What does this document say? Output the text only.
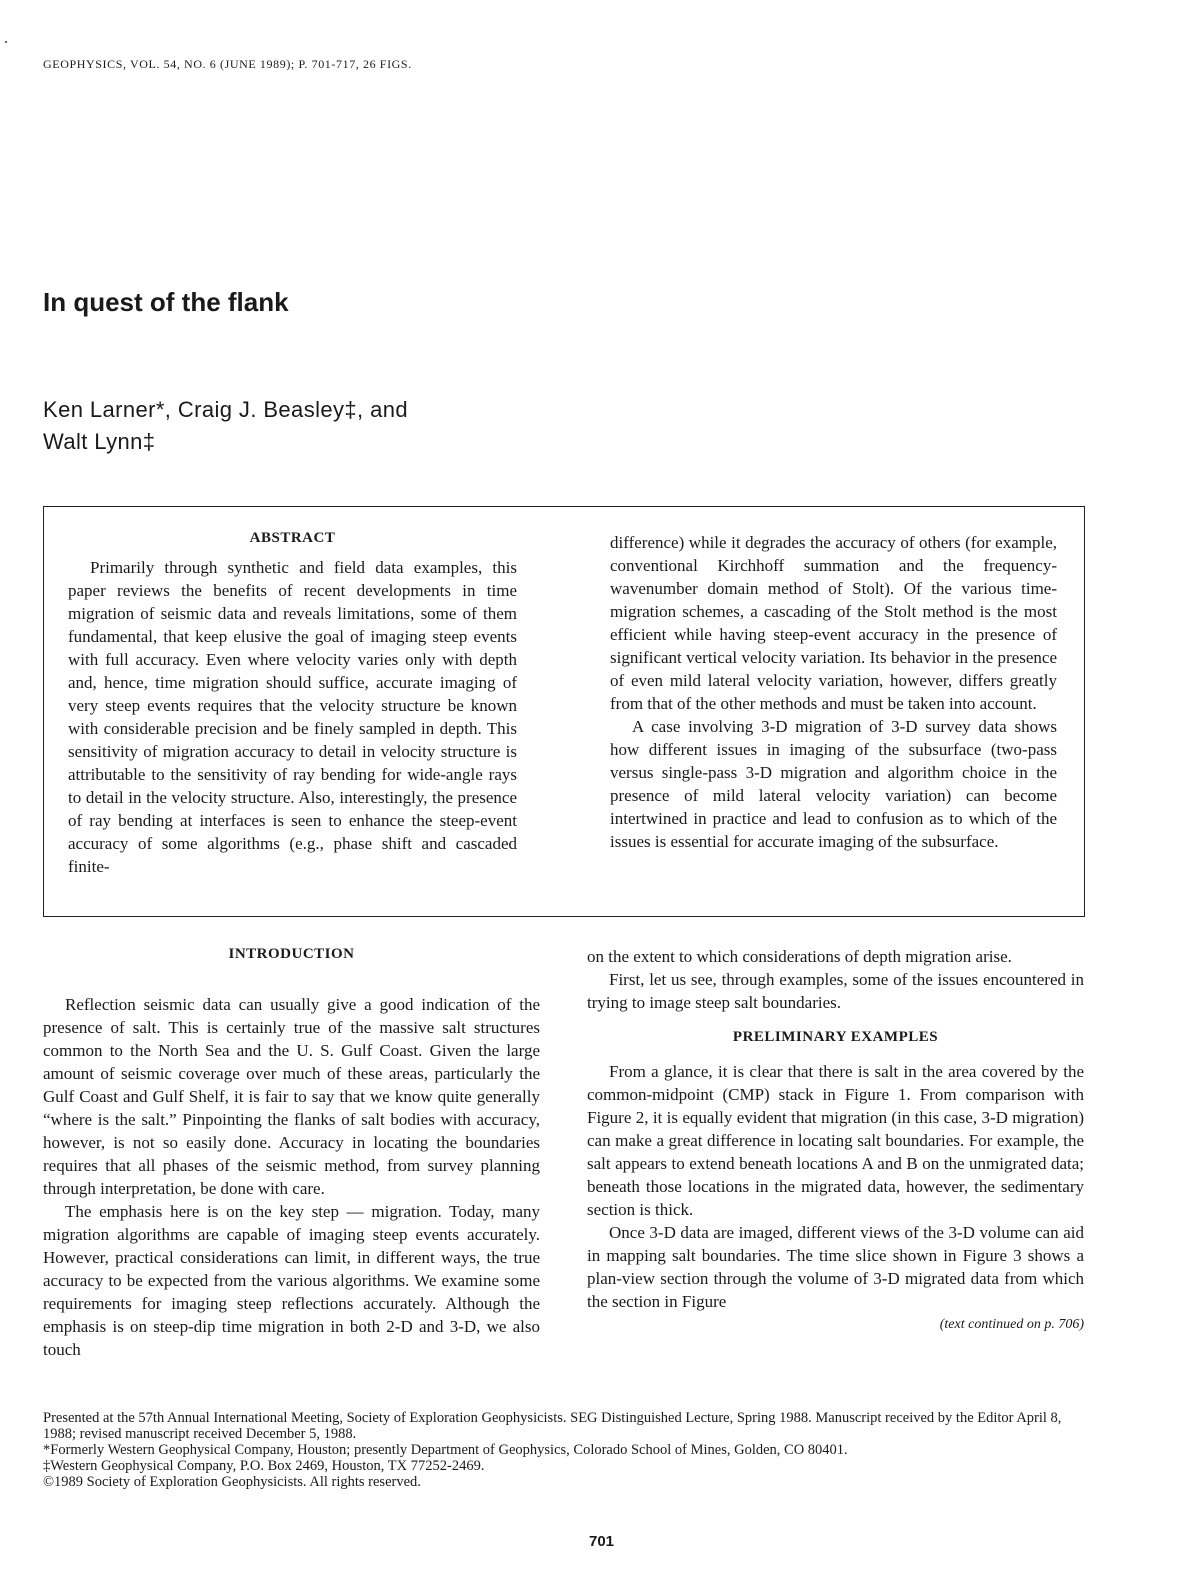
GEOPHYSICS, VOL. 54, NO. 6 (JUNE 1989); P. 701-717, 26 FIGS.
In quest of the flank
Ken Larner*, Craig J. Beasley‡, and
Walt Lynn‡
ABSTRACT

Primarily through synthetic and field data examples, this paper reviews the benefits of recent developments in time migration of seismic data and reveals limitations, some of them fundamental, that keep elusive the goal of imaging steep events with full accuracy. Even where velocity varies only with depth and, hence, time migration should suffice, accurate imaging of very steep events requires that the velocity structure be known with considerable precision and be finely sampled in depth. This sensitivity of migration accuracy to detail in velocity structure is attributable to the sensitivity of ray bending for wide-angle rays to detail in the velocity structure. Also, interestingly, the presence of ray bending at interfaces is seen to enhance the steep-event accuracy of some algorithms (e.g., phase shift and cascaded finite-

difference) while it degrades the accuracy of others (for example, conventional Kirchhoff summation and the frequency-wavenumber domain method of Stolt). Of the various time-migration schemes, a cascading of the Stolt method is the most efficient while having steep-event accuracy in the presence of significant vertical velocity variation. Its behavior in the presence of even mild lateral velocity variation, however, differs greatly from that of the other methods and must be taken into account.

A case involving 3-D migration of 3-D survey data shows how different issues in imaging of the subsurface (two-pass versus single-pass 3-D migration and algorithm choice in the presence of mild lateral velocity variation) can become intertwined in practice and lead to confusion as to which of the issues is essential for accurate imaging of the subsurface.

INTRODUCTION

Reflection seismic data can usually give a good indication of the presence of salt. This is certainly true of the massive salt structures common to the North Sea and the U. S. Gulf Coast. Given the large amount of seismic coverage over much of these areas, particularly the Gulf Coast and Gulf Shelf, it is fair to say that we know quite generally “where is the salt.” Pinpointing the flanks of salt bodies with accuracy, however, is not so easily done. Accuracy in locating the boundaries requires that all phases of the seismic method, from survey planning through interpretation, be done with care.

The emphasis here is on the key step — migration. Today, many migration algorithms are capable of imaging steep events accurately. However, practical considerations can limit, in different ways, the true accuracy to be expected from the various algorithms. We examine some requirements for imaging steep reflections accurately. Although the emphasis is on steep-dip time migration in both 2-D and 3-D, we also touch

on the extent to which considerations of depth migration arise.

First, let us see, through examples, some of the issues encountered in trying to image steep salt boundaries.

PRELIMINARY EXAMPLES

From a glance, it is clear that there is salt in the area covered by the common-midpoint (CMP) stack in Figure 1. From comparison with Figure 2, it is equally evident that migration (in this case, 3-D migration) can make a great difference in locating salt boundaries. For example, the salt appears to extend beneath locations A and B on the unmigrated data; beneath those locations in the migrated data, however, the sedimentary section is thick.

Once 3-D data are imaged, different views of the 3-D volume can aid in mapping salt boundaries. The time slice shown in Figure 3 shows a plan-view section through the volume of 3-D migrated data from which the section in Figure

(text continued on p. 706)
Presented at the 57th Annual International Meeting, Society of Exploration Geophysicists. SEG Distinguished Lecture, Spring 1988. Manuscript received by the Editor April 8, 1988; revised manuscript received December 5, 1988.
*Formerly Western Geophysical Company, Houston; presently Department of Geophysics, Colorado School of Mines, Golden, CO 80401.
‡Western Geophysical Company, P.O. Box 2469, Houston, TX 77252-2469.
©1989 Society of Exploration Geophysicists. All rights reserved.
701
